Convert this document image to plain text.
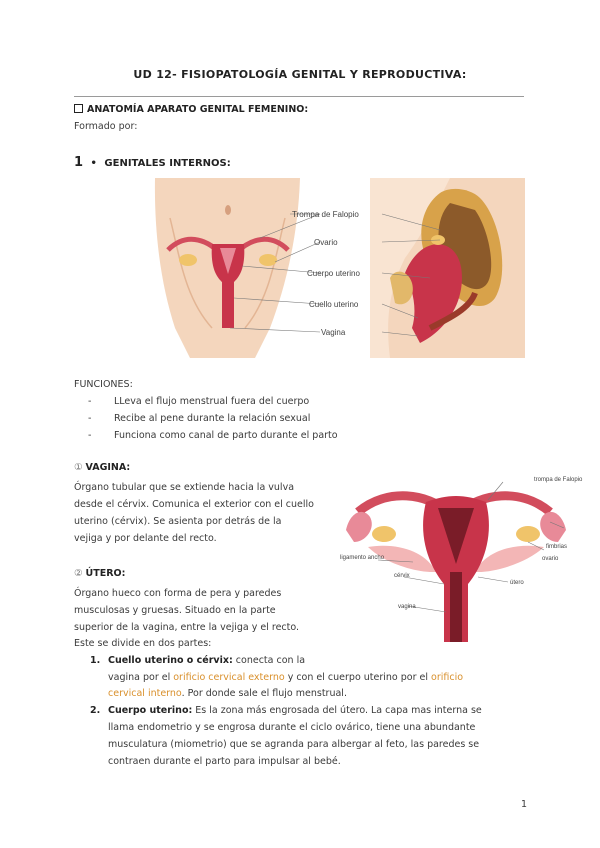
UD 12- FISIOPATOLOGÍA GENITAL Y REPRODUCTIVA:
ANATOMÍA APARATO GENITAL FEMENINO:
Formado por:
1 • GENITALES INTERNOS:
Trompa de Falopio
Ovario
Cuerpo uterino
Cuello uterino
Vagina
FUNCIONES:
- LLeva el flujo menstrual fuera del cuerpo
- Recibe al pene durante la relación sexual
- Funciona como canal de parto durante el parto
① VAGINA:
Órgano tubular que se extiende hacia la vulva
desde el cérvix. Comunica el exterior con el cuello
uterino (cérvix). Se asienta por detrás de la
vejiga y por delante del recto.
trompa de Falopio
fimbrias
ovario
ligamento ancho
cérvix
útero
vagina
② ÚTERO:
Órgano hueco con forma de pera y paredes
musculosas y gruesas. Situado en la parte
superior de la vagina, entre la vejiga y el recto.
Este se divide en dos partes:
1. Cuello uterino o cérvix: conecta con la
vagina por el orificio cervical externo y con el cuerpo uterino por el orificio
cervical interno. Por donde sale el flujo menstrual.
2. Cuerpo uterino: Es la zona más engrosada del útero. La capa mas interna se
llama endometrio y se engrosa durante el ciclo ovárico, tiene una abundante
musculatura (miometrio) que se agranda para albergar al feto, las paredes se
contraen durante el parto para impulsar al bebé.
1
